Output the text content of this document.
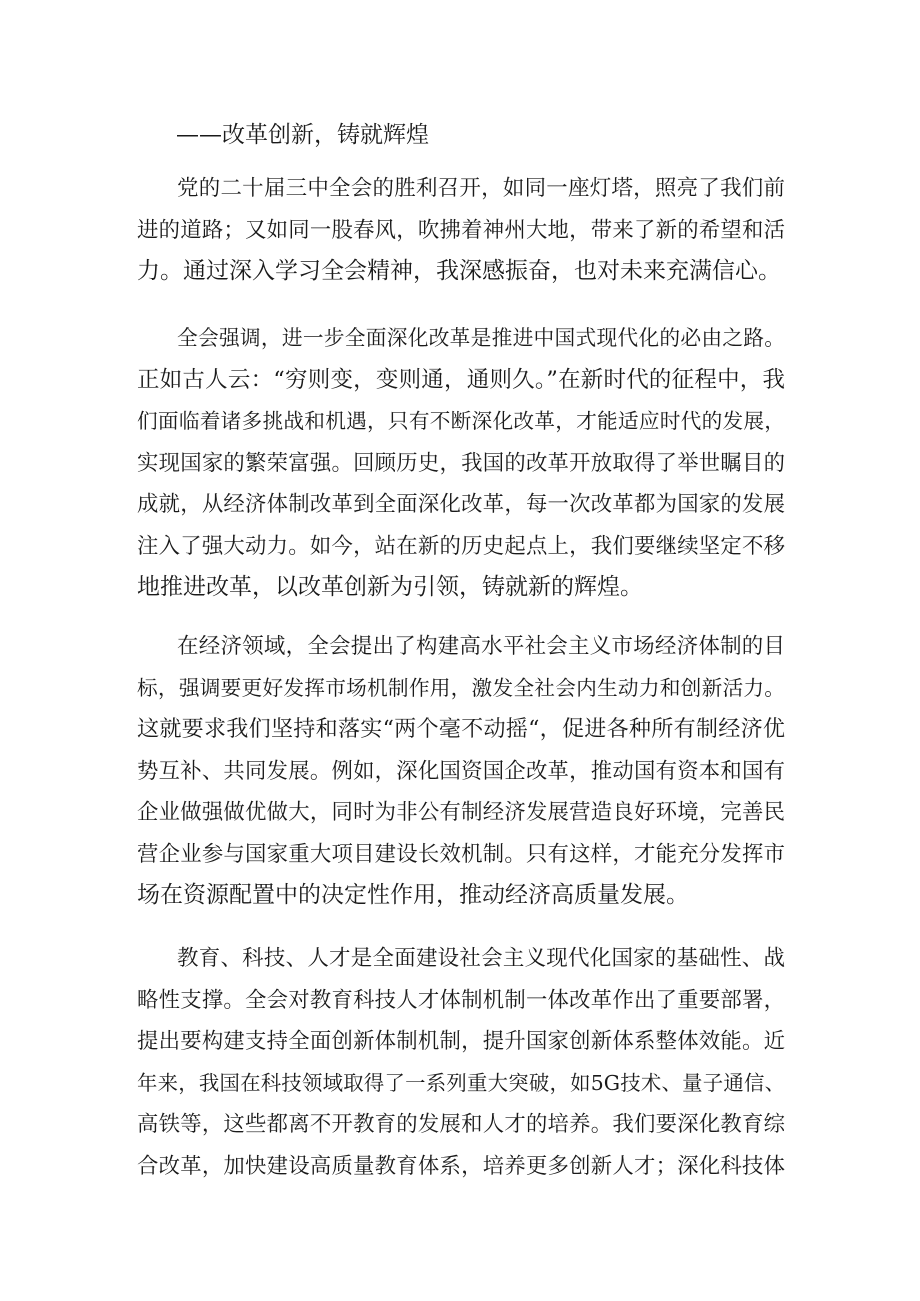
——改革创新，铸就辉煌
党的二十届三中全会的胜利召开，如同一座灯塔，照亮了我们前
进的道路；又如同一股春风，吹拂着神州大地，带来了新的希望和活
力。通过深入学习全会精神，我深感振奋，也对未来充满信心。
全会强调，进一步全面深化改革是推进中国式现代化的必由之路。
正如古人云：“穷则变，变则通，通则久。”在新时代的征程中，我
们面临着诸多挑战和机遇，只有不断深化改革，才能适应时代的发展，
实现国家的繁荣富强。回顾历史，我国的改革开放取得了举世瞩目的
成就，从经济体制改革到全面深化改革，每一次改革都为国家的发展
注入了强大动力。如今，站在新的历史起点上，我们要继续坚定不移
地推进改革，以改革创新为引领，铸就新的辉煌。
在经济领域，全会提出了构建高水平社会主义市场经济体制的目
标，强调要更好发挥市场机制作用，激发全社会内生动力和创新活力。
这就要求我们坚持和落实“两个毫不动摇“，促进各种所有制经济优
势互补、共同发展。例如，深化国资国企改革，推动国有资本和国有
企业做强做优做大，同时为非公有制经济发展营造良好环境，完善民
营企业参与国家重大项目建设长效机制。只有这样，才能充分发挥市
场在资源配置中的决定性作用，推动经济高质量发展。
教育、科技、人才是全面建设社会主义现代化国家的基础性、战
略性支撑。全会对教育科技人才体制机制一体改革作出了重要部署，
提出要构建支持全面创新体制机制，提升国家创新体系整体效能。近
年来，我国在科技领域取得了一系列重大突破，如5G技术、量子通信、
高铁等，这些都离不开教育的发展和人才的培养。我们要深化教育综
合改革，加快建设高质量教育体系，培养更多创新人才；深化科技体
